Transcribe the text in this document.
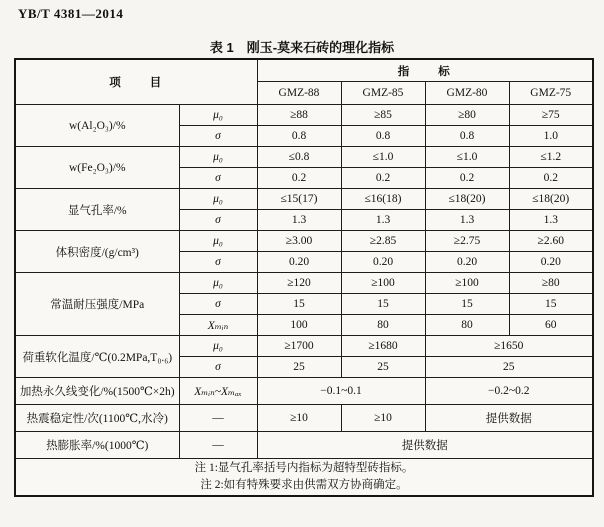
YB/T 4381—2014
表 1　刚玉-莫来石砖的理化指标
项　　目		指　　标			
		GMZ-88	GMZ-85	GMZ-80	GMZ-75
w(Al₂O₃)/%	μ₀	≥88	≥85	≥80	≥75
	σ	0.8	0.8	0.8	1.0
w(Fe₂O₃)/%	μ₀	≤0.8	≤1.0	≤1.0	≤1.2
	σ	0.2	0.2	0.2	0.2
显气孔率/%	μ₀	≤15(17)	≤16(18)	≤18(20)	≤18(20)
	σ	1.3	1.3	1.3	1.3
体积密度/(g/cm³)	μ₀	≥3.00	≥2.85	≥2.75	≥2.60
	σ	0.20	0.20	0.20	0.20
常温耐压强度/MPa	μ₀	≥120	≥100	≥100	≥80
	σ	15	15	15	15
	Xₘᵢₙ	100	80	80	60
荷重软化温度/℃(0.2MPa,T₀.₆)	μ₀	≥1700	≥1680	≥1650	
	σ	25	25	25	
加热永久线变化/%(1500℃×2h)	Xₘᵢₙ~Xₘₐₓ	−0.1~0.1		−0.2~0.2	
热震稳定性/次(1100℃,水冷)	—	≥10	≥10	提供数据	
热膨胀率/%(1000℃)	—	提供数据			

注 1:显气孔率括号内指标为超特型砖指标。
注 2:如有特殊要求由供需双方协商确定。					
